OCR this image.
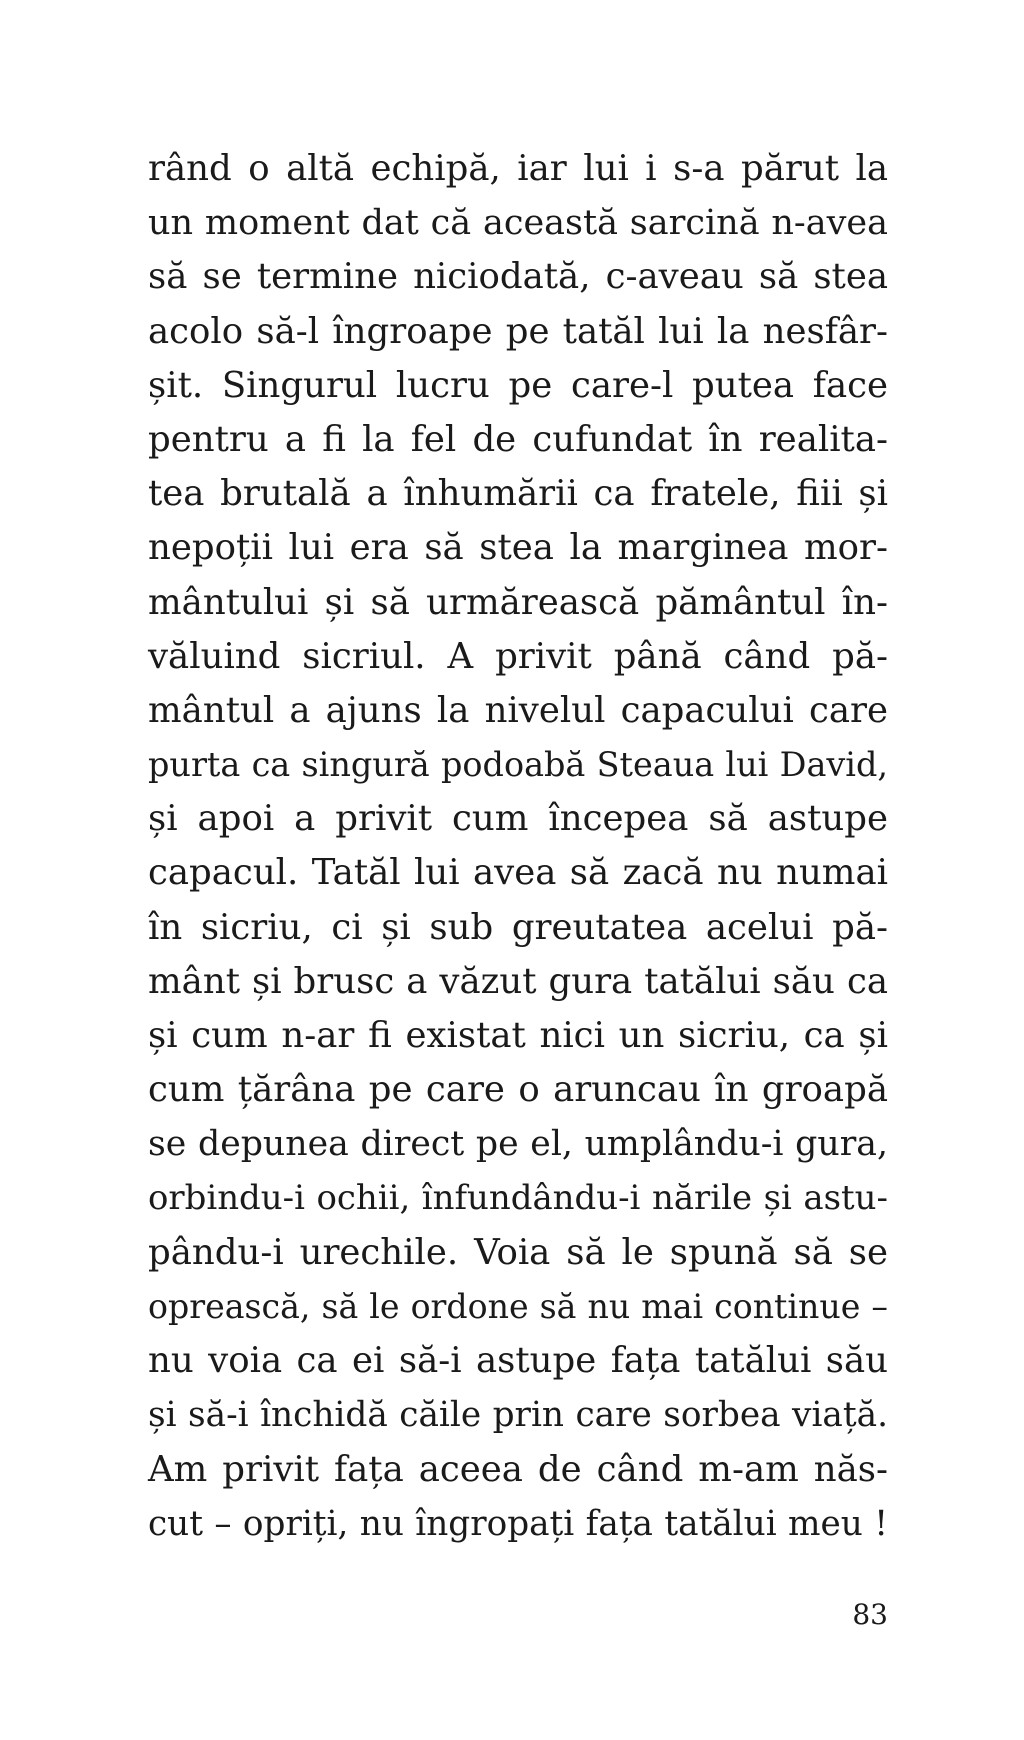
rând o altă echipă, iar lui i s-a părut la
un moment dat că această sarcină n-avea
să se termine niciodată, c-aveau să stea
acolo să-l îngroape pe tatăl lui la nesfâr-
șit. Singurul lucru pe care-l putea face
pentru a fi la fel de cufundat în realita-
tea brutală a înhumării ca fratele, fiii și
nepoții lui era să stea la marginea mor-
mântului și să urmărească pământul în-
văluind sicriul. A privit până când pă-
mântul a ajuns la nivelul capacului care
purta ca singură podoabă Steaua lui David,
și apoi a privit cum începea să astupe
capacul. Tatăl lui avea să zacă nu numai
în sicriu, ci și sub greutatea acelui pă-
mânt și brusc a văzut gura tatălui său ca
și cum n-ar fi existat nici un sicriu, ca și
cum țărâna pe care o aruncau în groapă
se depunea direct pe el, umplându-i gura,
orbindu-i ochii, înfundându-i nările și astu-
pându-i urechile. Voia să le spună să se
oprească, să le ordone să nu mai continue –
nu voia ca ei să-i astupe fața tatălui său
și să-i închidă căile prin care sorbea viață.
Am privit fața aceea de când m-am năs-
cut – opriți, nu îngropați fața tatălui meu !
83
